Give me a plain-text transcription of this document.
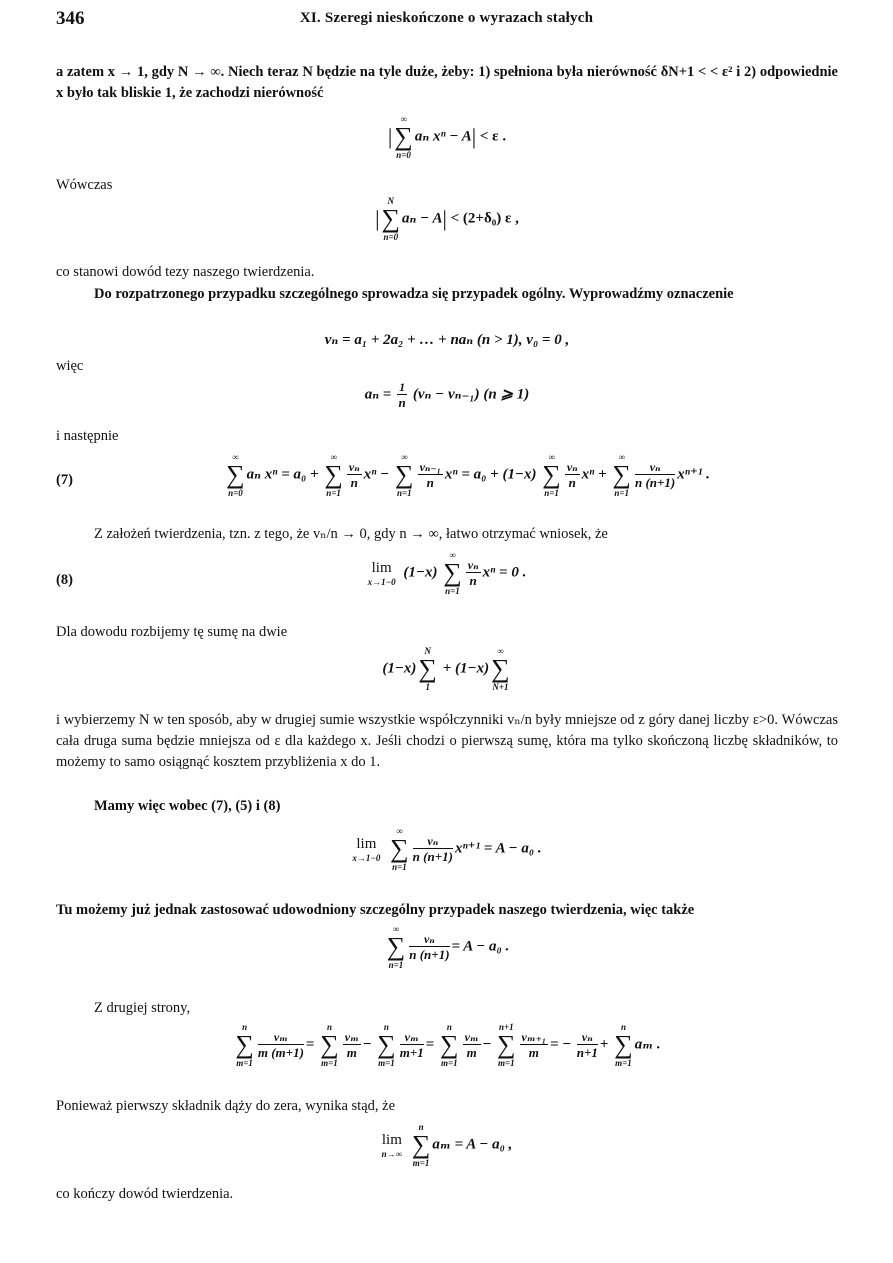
346	XI. Szeregi nieskończone o wyrazach stałych
a zatem x → 1, gdy N → ∞. Niech teraz N będzie na tyle duże, żeby: 1) spełniona była nierówność δN+1 < < ε² i 2) odpowiednie x było tak bliskie 1, że zachodzi nierówność
|
∞
∑
n=0
aₙ xⁿ − A| < ε .
Wówczas
|
N
∑
n=0
aₙ − A| < (2+δ₀) ε ,
co stanowi dowód tezy naszego twierdzenia.
Do rozpatrzonego przypadku szczególnego sprowadza się przypadek ogólny. Wyprowadźmy oznaczenie
vₙ = a₁ + 2a₂ + … + naₙ (n > 1), v₀ = 0 ,
więc
$a_n = \frac{1}{n} (v_n - v_{n-1})$ (n ⩾ 1)
i następnie
(7)
∞
∑
n=0
aₙ xⁿ = a₀ +
∞
∑
n=1
$\frac{\text{vₙ}}{n}$ xⁿ −
∞
∑
n=1
$\frac{\text{vₙ₋₁}}{n}$ xⁿ = a₀ + (1−x)
∞
∑
n=1
$\frac{\text{vₙ}}{n}$ xⁿ +
∞
∑
n=1
$\frac{\text{vₙ}}{n (n+1)} x^{n+1}$ .
Z założeń twierdzenia, tzn. z tego, że vₙ/n → 0, gdy n → ∞, łatwo otrzymać wniosek, że
(8)
lim
x→1−0
(1−x)
∞
∑
n=1
$\frac{\text{vₙ}}{n}$ xⁿ = 0 .
Dla dowodu rozbijemy tę sumę na dwie
(1−x)
N
∑
1
+ (1−x)
∞
∑
N+1
i wybierzemy N w ten sposób, aby w drugiej sumie wszystkie współczynniki vₙ/n były mniejsze od z góry danej liczby ε>0. Wówczas cała druga suma będzie mniejsza od ε dla każdego x. Jeśli chodzi o pierwszą sumę, która ma tylko skończoną liczbę składników, to możemy to samo osiągnąć kosztem przybliżenia x do 1.
Mamy więc wobec (7), (5) i (8)
lim
x→1−0

∞
∑
n=1
$\frac{\text{vₙ}}{n (n+1)} x^{n+1} = A - a_0$ .
Tu możemy już jednak zastosować udowodniony szczególny przypadek naszego twierdzenia, więc także
∞
∑
n=1
$\frac{\text{vₙ}}{n (n+1)} = A - a_0$ .
Z drugiej strony,
n
∑
m=1
$\frac{\text{vₘ}}{m (m+1)}$ =
n
∑
m=1
$\frac{\text{vₘ}}{m}$ −
n
∑
m=1
$\frac{\text{vₘ}}{m+1}$ =
n
∑
m=1
$\frac{\text{vₘ}}{m}$ −
n+1
∑
m=1
$\frac{\text{vₘ₊₁}}{m}$ = − $\frac{\text{vₙ}}{n+1}$ +
n
∑
m=1
aₘ .
Ponieważ pierwszy składnik dąży do zera, wynika stąd, że
lim
n→∞

n
∑
m=1
aₘ = A − a₀ ,
co kończy dowód twierdzenia.
